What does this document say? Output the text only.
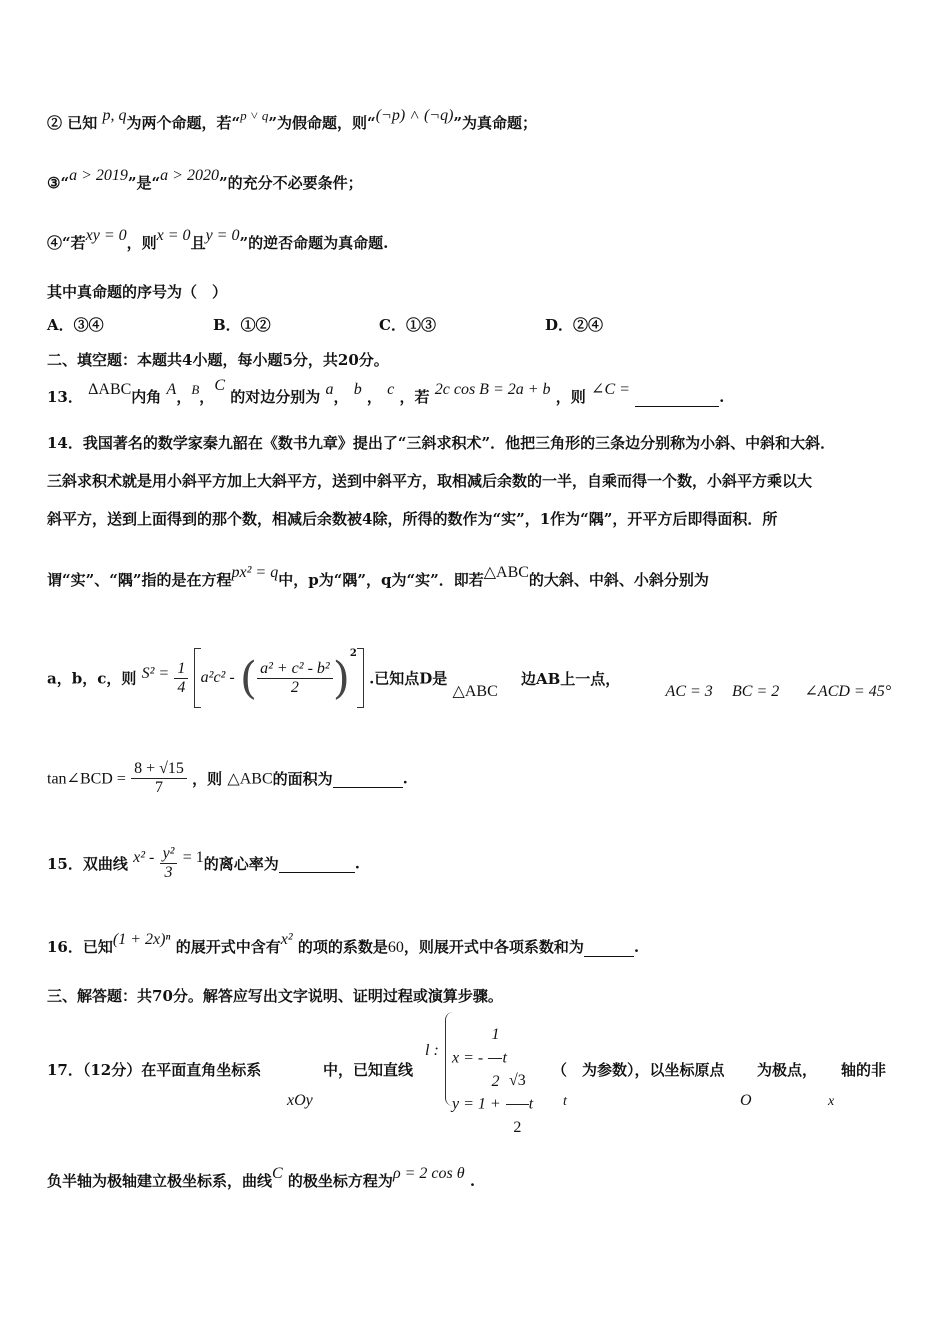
② 已知 p, q为两个命题，若“p ˅ q”为假命题，则“(¬p) ˄ (¬q)”为真命题；
③“a > 2019”是“a > 2020”的充分不必要条件；
④“若xy = 0，则x = 0且y = 0”的逆否命题为真命题.
其中真命题的序号为（　）
A．③④	B．①②	C．①③	D．②④
二、填空题：本题共4小题，每小题5分，共20分。
13． ΔABC内角 A，B，C 的对边分别为 a， b ， c ，若 2c cos B = 2a + b ，则 ∠C =	.
14．我国著名的数学家秦九韶在《数书九章》提出了“三斜求积术”．他把三角形的三条边分别称为小斜、中斜和大斜．
三斜求积术就是用小斜平方加上大斜平方，送到中斜平方，取相减后余数的一半，自乘而得一个数，小斜平方乘以大
斜平方，送到上面得到的那个数，相减后余数被4除，所得的数作为“实”，1作为“隅”，开平方后即得面积．所
谓“实”、“隅”指的是在方程px² = q中，p为“隅”，q为“实”．即若△ABC的大斜、中斜、小斜分别为
a，b，c，则 $S^2 = \frac{1}{4} a^2c^2$ - ( $\frac{\text{a² + c² - b²}}{2} )^2$ .已知点D是 △ABC 边AB上一点， AC = 3 BC = 2 ∠ACD = 45°
tan∠BCD = $\frac{8 + √15}{7}$ ，则 △ABC的面积为	.
15．双曲线 $x^2 - \frac{\text{y²}}{3} = 1$的离心率为	.
16．已知(1 + 2x)ⁿ 的展开式中含有x² 的项的系数是60，则展开式中各项系数和为	.
三、解答题：共70分。解答应写出文字说明、证明过程或演算步骤。
17．（12分）在平面直角坐标系
xOy
中，已知直线
l : x = - $\frac{1}{2}$ t
$y = 1 + \frac{√3}{2}$ t
（　为参数），以坐标原点
t
为极点，
O
轴的非
x
负半轴为极轴建立极坐标系，曲线C 的极坐标方程为ρ = 2 cos θ .
